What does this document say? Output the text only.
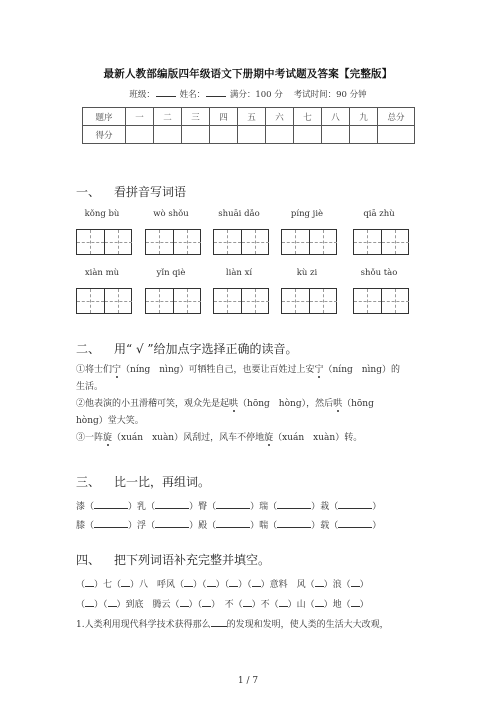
最新人教部编版四年级语文下册期中考试题及答案【完整版】
班级：	姓名：	满分：100 分 考试时间：90 分钟
题序	一	二	三	四	五	六	七	八	九	总分
得分										
一、 看拼音写词语
kǒng bù	wò shǒu	shuāi dǎo	píng jiè	qiā zhù
xiàn mù	yǐn qiè	liàn xí	kù zi	shǒu tào
二、 用“ √ ”给加点字选择正确的读音。
①将士们宁（níng　nìng）可牺牲自己，也要让百姓过上安宁（níng　nìng）的
生活。
②他表演的小丑滑稽可笑，观众先是起哄（hōng　hòng），然后哄（hōng
hòng）堂大笑。
③一阵旋（xuán　xuàn）风刮过，风车不停地旋（xuán　xuàn）转。
三、 比一比，再组词。
漆（	）乳（	）臀（	）瑞（	）栽（	）
膝（	）浮（	）殿（	）喘（	）载（	）
四、 把下列词语补充完整并填空。
（ ）七（ ）八　呼风（ ）（ ）（ ）（ ）意料　风（ ）浪（ ）
（ ）（ ）到底　腾云（ ）（ ）　不（ ）不（ ）山（ ）地（ ）
1.人类利用现代科学技术获得那么 的发现和发明，使人类的生活大大改观，
1 / 7
